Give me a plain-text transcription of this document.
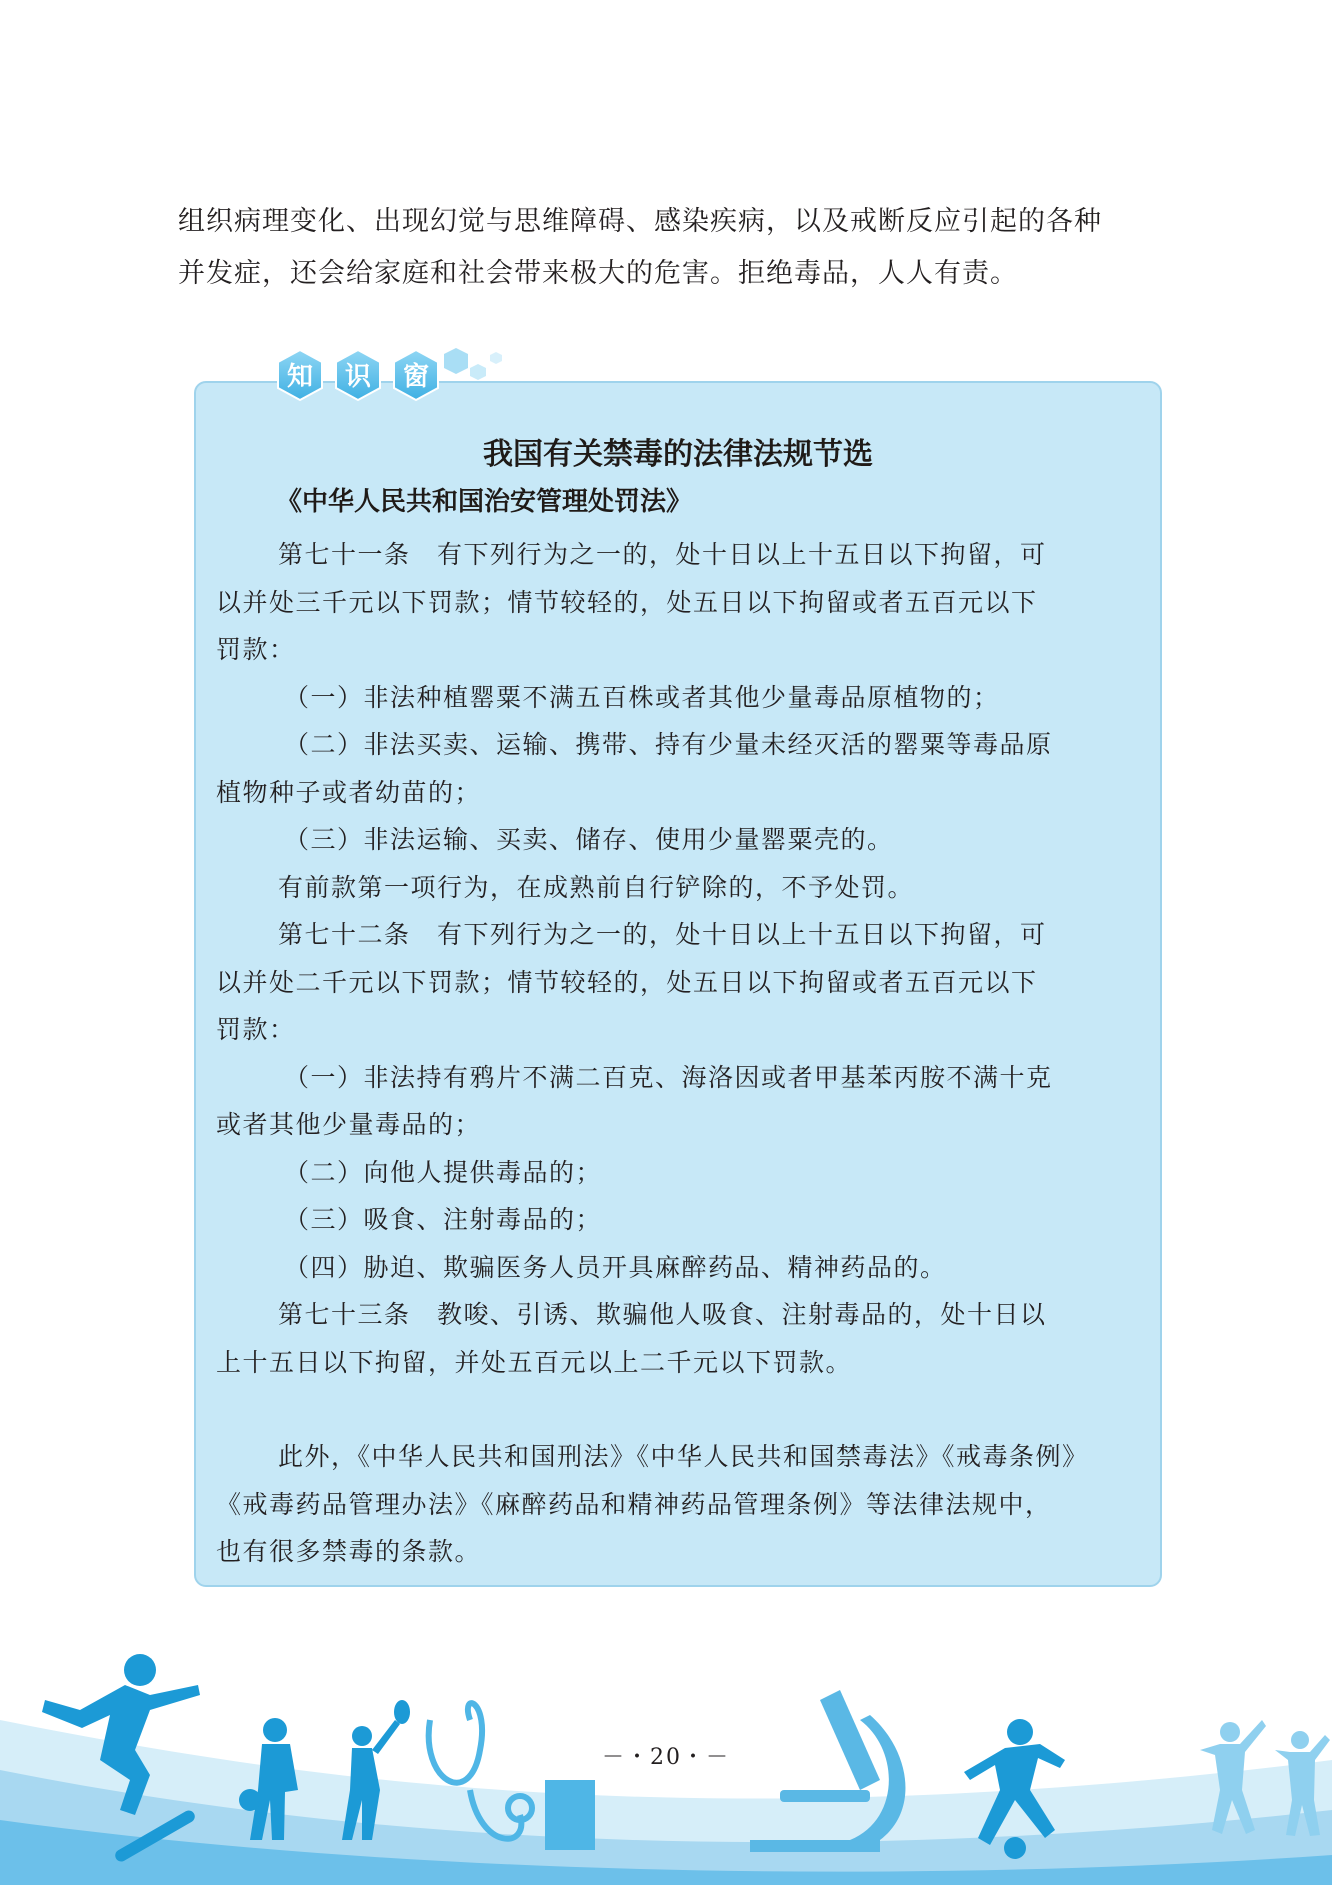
组织病理变化、出现幻觉与思维障碍、感染疾病，以及戒断反应引起的各种

并发症，还会给家庭和社会带来极大的危害。拒绝毒品，人人有责。

我国有关禁毒的法律法规节选
《中华人民共和国治安管理处罚法》

第七十一条　有下列行为之一的，处十日以上十五日以下拘留，可

以并处三千元以下罚款；情节较轻的，处五日以下拘留或者五百元以下

罚款：

（一）非法种植罂粟不满五百株或者其他少量毒品原植物的；

（二）非法买卖、运输、携带、持有少量未经灭活的罂粟等毒品原

植物种子或者幼苗的；

（三）非法运输、买卖、储存、使用少量罂粟壳的。

有前款第一项行为，在成熟前自行铲除的，不予处罚。

第七十二条　有下列行为之一的，处十日以上十五日以下拘留，可

以并处二千元以下罚款；情节较轻的，处五日以下拘留或者五百元以下

罚款：

（一）非法持有鸦片不满二百克、海洛因或者甲基苯丙胺不满十克

或者其他少量毒品的；

（二）向他人提供毒品的；

（三）吸食、注射毒品的；

（四）胁迫、欺骗医务人员开具麻醉药品、精神药品的。

第七十三条　教唆、引诱、欺骗他人吸食、注射毒品的，处十日以

上十五日以下拘留，并处五百元以上二千元以下罚款。

此外，《中华人民共和国刑法》《中华人民共和国禁毒法》《戒毒条例》

《戒毒药品管理办法》《麻醉药品和精神药品管理条例》等法律法规中，

也有很多禁毒的条款。

知 识 窗
－・20・－
